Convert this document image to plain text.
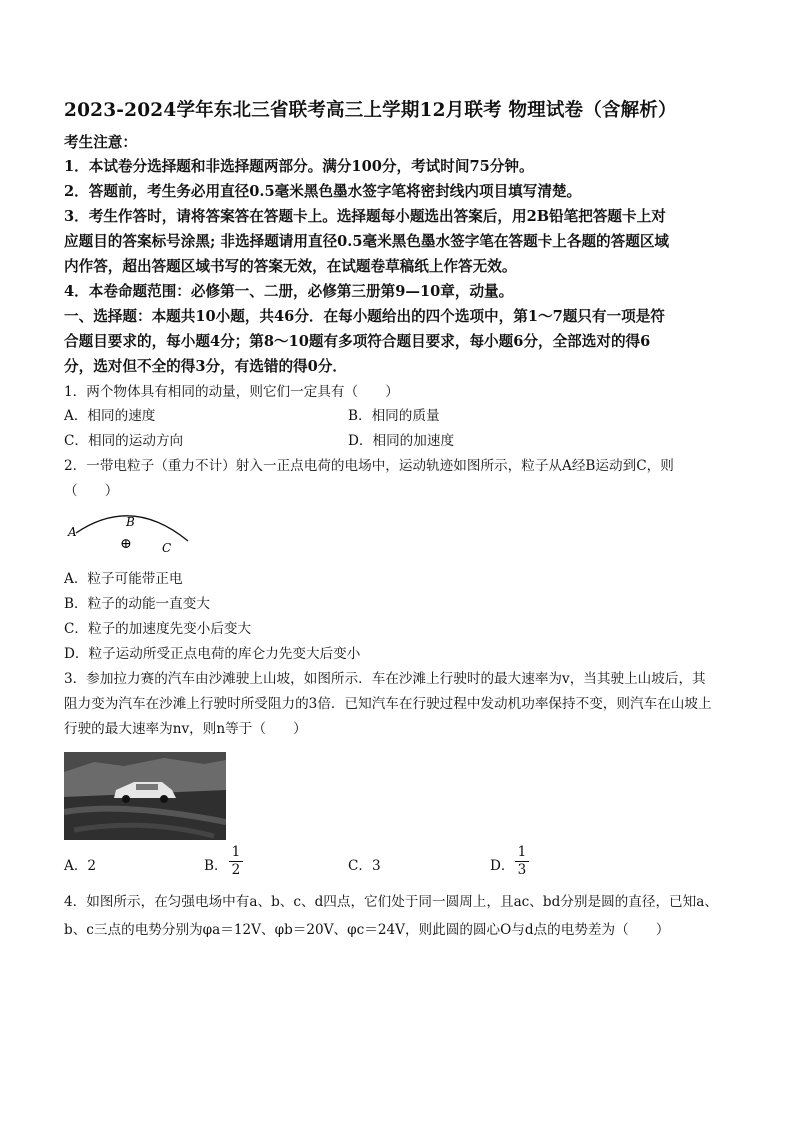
2023-2024学年东北三省联考高三上学期12月联考 物理试卷（含解析）
考生注意：
1．本试卷分选择题和非选择题两部分。满分100分，考试时间75分钟。
2．答题前，考生务必用直径0.5毫米黑色墨水签字笔将密封线内项目填写清楚。
3．考生作答时，请将答案答在答题卡上。选择题每小题选出答案后，用2B铅笔把答题卡上对
应题目的答案标号涂黑; 非选择题请用直径0.5毫米黑色墨水签字笔在答题卡上各题的答题区域
内作答，超出答题区域书写的答案无效，在试题卷草稿纸上作答无效。
4．本卷命题范围：必修第一、二册，必修第三册第9—10章，动量。
一、选择题：本题共10小题，共46分．在每小题给出的四个选项中，第1～7题只有一项是符
合题目要求的，每小题4分；第8～10题有多项符合题目要求，每小题6分，全部选对的得6
分，选对但不全的得3分，有选错的得0分．
1．两个物体具有相同的动量，则它们一定具有（　　）
A．相同的速度	B．相同的质量
C．相同的运动方向	D．相同的加速度
2．一带电粒子（重力不计）射入一正点电荷的电场中，运动轨迹如图所示，粒子从A经B运动到C，则
（　　）
A
B
C
⊕
A．粒子可能带正电
B．粒子的动能一直变大
C．粒子的加速度先变小后变大
D．粒子运动所受正点电荷的库仑力先变大后变小
3．参加拉力赛的汽车由沙滩驶上山坡，如图所示．车在沙滩上行驶时的最大速率为v，当其驶上山坡后，其
阻力变为汽车在沙滩上行驶时所受阻力的3倍．已知汽车在行驶过程中发动机功率保持不变，则汽车在山坡上
行驶的最大速率为nv，则n等于（　　）
A．2	B．
1
2	C．3	D．
1
3
4．如图所示，在匀强电场中有a、b、c、d四点，它们处于同一圆周上，且ac、bd分别是圆的直径，已知a、
b、c三点的电势分别为φa＝12V、φb＝20V、φc＝24V，则此圆的圆心O与d点的电势差为（　　）
